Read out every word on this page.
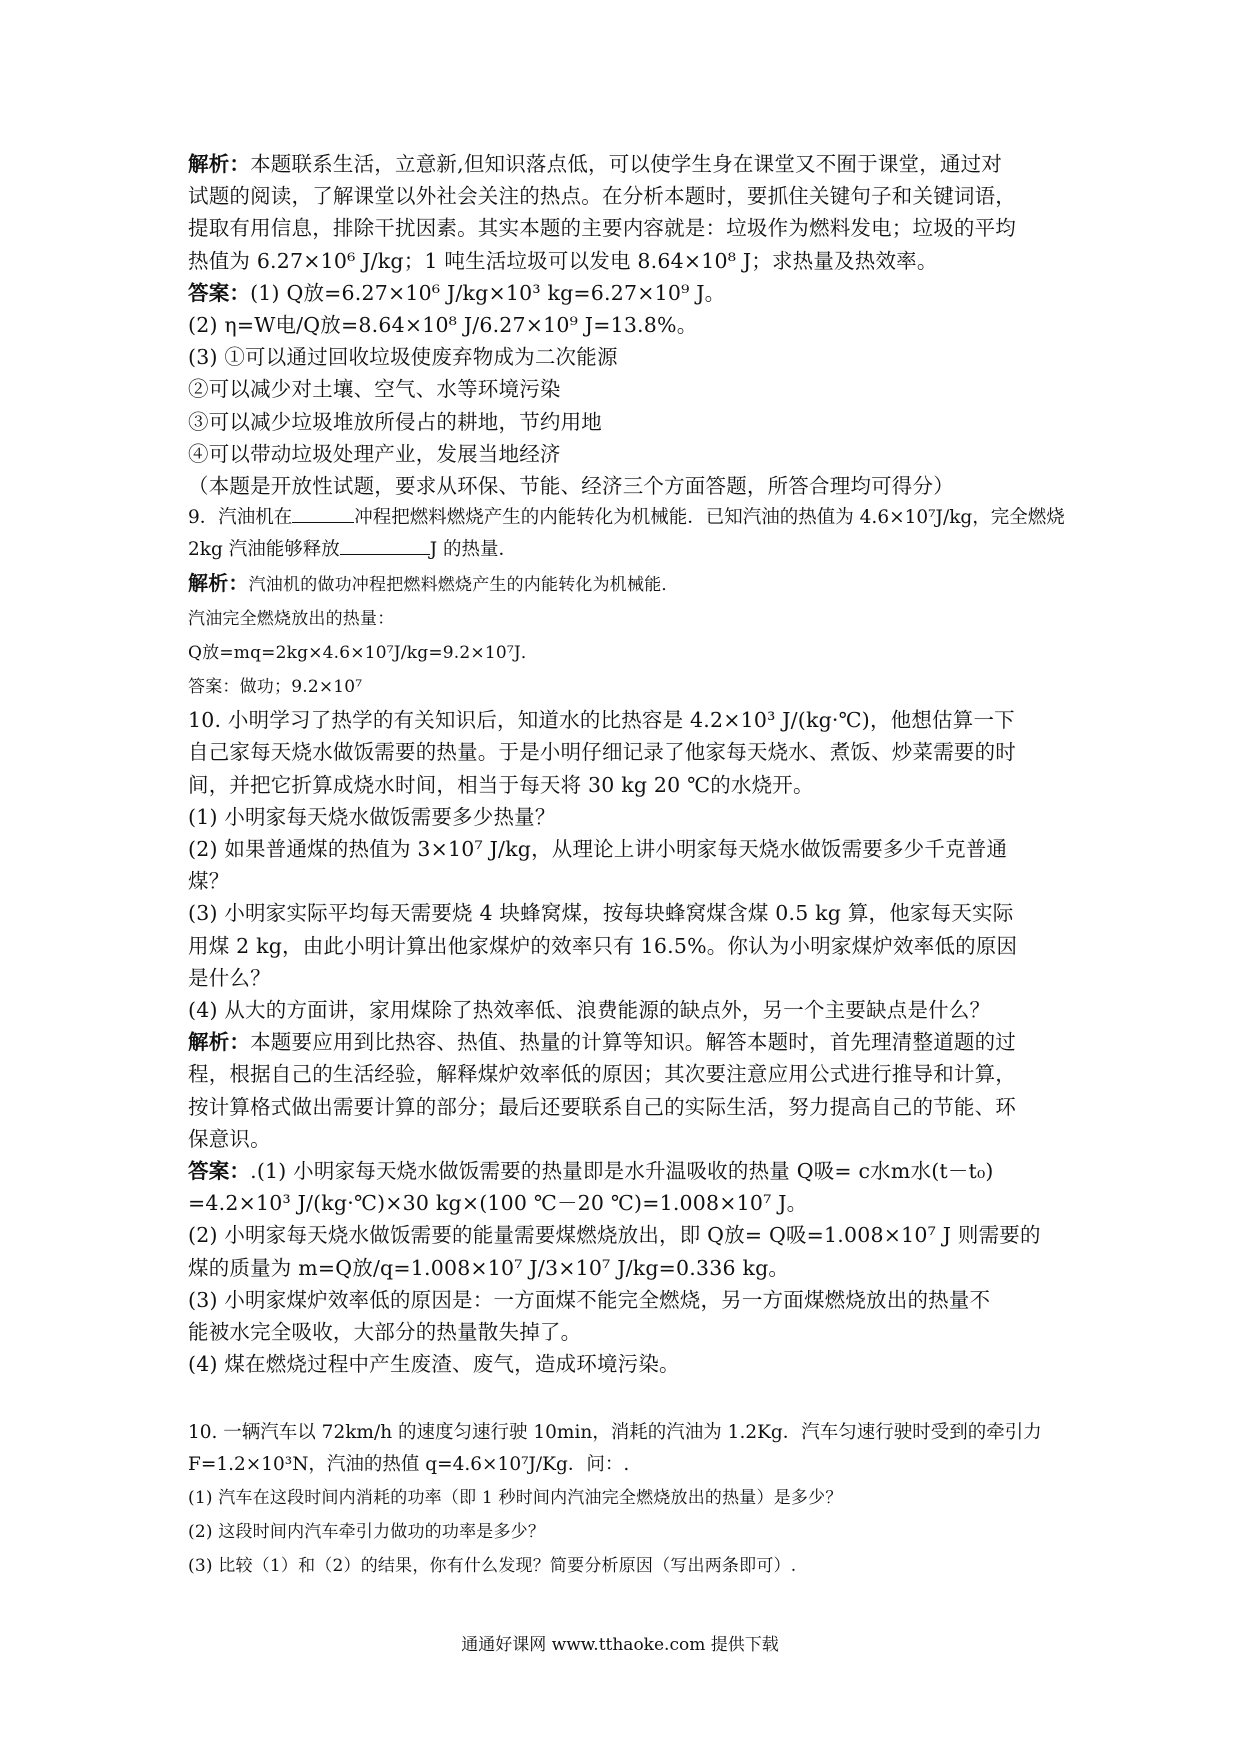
解析：本题联系生活，立意新,但知识落点低，可以使学生身在课堂又不囿于课堂，通过对
试题的阅读，了解课堂以外社会关注的热点。在分析本题时，要抓住关键句子和关键词语，
提取有用信息，排除干扰因素。其实本题的主要内容就是：垃圾作为燃料发电；垃圾的平均
热值为 6.27×10⁶ J/kg；1 吨生活垃圾可以发电 8.64×10⁸ J；求热量及热效率。
答案：(1) Q放=6.27×10⁶ J/kg×10³ kg=6.27×10⁹ J。
(2) η=W电/Q放=8.64×10⁸ J/6.27×10⁹ J=13.8%。
(3) ①可以通过回收垃圾使废弃物成为二次能源
②可以减少对土壤、空气、水等环境污染
③可以减少垃圾堆放所侵占的耕地，节约用地
④可以带动垃圾处理产业，发展当地经济
（本题是开放性试题，要求从环保、节能、经济三个方面答题，所答合理均可得分）
9．汽油机在	冲程把燃料燃烧产生的内能转化为机械能．已知汽油的热值为 4.6×10⁷J/kg，完全燃烧
2kg 汽油能够释放	J 的热量．
解析：汽油机的做功冲程把燃料燃烧产生的内能转化为机械能．
汽油完全燃烧放出的热量：
Q放=mq=2kg×4.6×10⁷J/kg=9.2×10⁷J．
答案：做功；9.2×10⁷
10. 小明学习了热学的有关知识后，知道水的比热容是 4.2×10³ J/(kg·℃)，他想估算一下
自己家每天烧水做饭需要的热量。于是小明仔细记录了他家每天烧水、煮饭、炒菜需要的时
间，并把它折算成烧水时间，相当于每天将 30 kg 20 ℃的水烧开。
(1) 小明家每天烧水做饭需要多少热量？
(2) 如果普通煤的热值为 3×10⁷ J/kg，从理论上讲小明家每天烧水做饭需要多少千克普通
煤？
(3) 小明家实际平均每天需要烧 4 块蜂窝煤，按每块蜂窝煤含煤 0.5 kg 算，他家每天实际
用煤 2 kg，由此小明计算出他家煤炉的效率只有 16.5%。你认为小明家煤炉效率低的原因
是什么？
(4) 从大的方面讲，家用煤除了热效率低、浪费能源的缺点外，另一个主要缺点是什么？
解析：本题要应用到比热容、热值、热量的计算等知识。解答本题时，首先理清整道题的过
程，根据自己的生活经验，解释煤炉效率低的原因；其次要注意应用公式进行推导和计算，
按计算格式做出需要计算的部分；最后还要联系自己的实际生活，努力提高自己的节能、环
保意识。
答案：.(1) 小明家每天烧水做饭需要的热量即是水升温吸收的热量 Q吸= c水m水(t－t₀)
=4.2×10³ J/(kg·℃)×30 kg×(100 ℃－20 ℃)=1.008×10⁷ J。
(2) 小明家每天烧水做饭需要的能量需要煤燃烧放出，即 Q放= Q吸=1.008×10⁷ J 则需要的
煤的质量为 m=Q放/q=1.008×10⁷ J/3×10⁷ J/kg=0.336 kg。
(3) 小明家煤炉效率低的原因是：一方面煤不能完全燃烧，另一方面煤燃烧放出的热量不
能被水完全吸收，大部分的热量散失掉了。
(4) 煤在燃烧过程中产生废渣、废气，造成环境污染。
10. 一辆汽车以 72km/h 的速度匀速行驶 10min，消耗的汽油为 1.2Kg．汽车匀速行驶时受到的牵引力
F=1.2×10³N，汽油的热值 q=4.6×10⁷J/Kg．问：.
(1) 汽车在这段时间内消耗的功率（即 1 秒时间内汽油完全燃烧放出的热量）是多少？
(2) 这段时间内汽车牵引力做功的功率是多少？
(3) 比较（1）和（2）的结果，你有什么发现？简要分析原因（写出两条即可）.
通通好课网 www.tthaoke.com 提供下载
